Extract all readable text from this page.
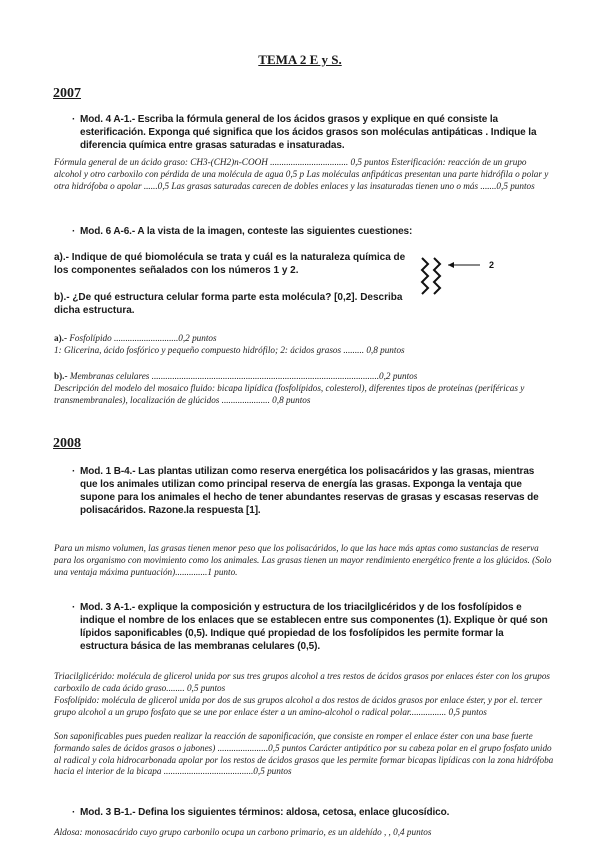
TEMA 2 E y S.
2007
· Mod. 4 A-1.- Escriba la fórmula general de los ácidos grasos y explique en qué consiste la esterificación. Exponga qué significa que los ácidos grasos son moléculas antipáticas . Indique la diferencia química entre grasas saturadas e insaturadas.
Fórmula general de un ácido graso: CH3-(CH2)n-COOH .................................. 0,5 puntos Esterificación: reacción de un grupo alcohol y otro carboxilo con pérdida de una molécula de agua 0,5 p Las moléculas anfipáticas presentan una parte hidrófila o polar y otra hidrófoba o apolar ......0,5 Las grasas saturadas carecen de dobles enlaces y las insaturadas tienen uno o más .......0,5 puntos
· Mod. 6 A-6.- A la vista de la imagen, conteste las siguientes cuestiones:
a).- Indique de qué biomolécula se trata y cuál es la naturaleza química de los componentes señalados con los números 1 y 2.
b).- ¿De qué estructura celular forma parte esta molécula? [0,2]. Describa dicha estructura.
2
a).- Fosfolípido ............................0,2 puntos
1: Glicerina, ácido fosfórico y pequeño compuesto hidrófilo; 2: ácidos grasos ......... 0,8 puntos
b).- Membranas celulares ...................................................................................................0,2 puntos
Descripción del modelo del mosaico fluido: bicapa lipídica (fosfolípidos, colesterol), diferentes tipos de proteínas (periféricas y transmembranales), localización de glúcidos ..................... 0,8 puntos
2008
· Mod. 1 B-4.- Las plantas utilizan como reserva energética los polisacáridos y las grasas, mientras que los animales utilizan como principal reserva de energía las grasas. Exponga la ventaja que supone para los animales el hecho de tener abundantes reservas de grasas y escasas reservas de polisacáridos. Razone.la respuesta [1].
Para un mismo volumen, las grasas tienen menor peso que los polisacáridos, lo que las hace más aptas como sustancias de reserva para los organismo con movimiento como los animales. Las grasas tienen un mayor rendimiento energético frente a los glúcidos. (Solo una ventaja máxima puntuación)..............1 punto.
· Mod. 3 A-1.- explique la composición y estructura de los triacilglicéridos y de los fosfolípidos e indique el nombre de los enlaces que se establecen entre sus componentes (1). Explique òr qué son lípidos saponificables (0,5). Indique qué propiedad de los fosfolípidos les permite formar la estructura básica de las membranas celulares (0,5).
Triacilglicérido: molécula de glicerol unida por sus tres grupos alcohol a tres restos de ácidos grasos por enlaces éster con los grupos carboxilo de cada ácido graso........ 0,5 puntos
Fosfolípido: molécula de glicerol unida por dos de sus grupos alcohol a dos restos de ácidos grasos por enlace éster, y por el. tercer grupo alcohol a un grupo fosfato que se une por enlace éster a un amino-alcohol o radical polar................ 0,5 puntos
Son saponificables pues pueden realizar la reacción de saponificación, que consiste en romper el enlace éster con una base fuerte formando sales de ácidos grasos o jabones) ......................0,5 puntos Carácter antipático por su cabeza polar en el grupo fosfato unido al radical y cola hidrocarbonada apolar por los restos de ácidos grasos que les permite formar bicapas lipídicas con la zona hidrófoba hacia el interior de la bicapa .......................................0,5 puntos
· Mod. 3 B-1.- Defina los siguientes términos: aldosa, cetosa, enlace glucosídico.
Aldosa: monosacárido cuyo grupo carbonilo ocupa un carbono primario, es un aldehído , , 0,4 puntos
